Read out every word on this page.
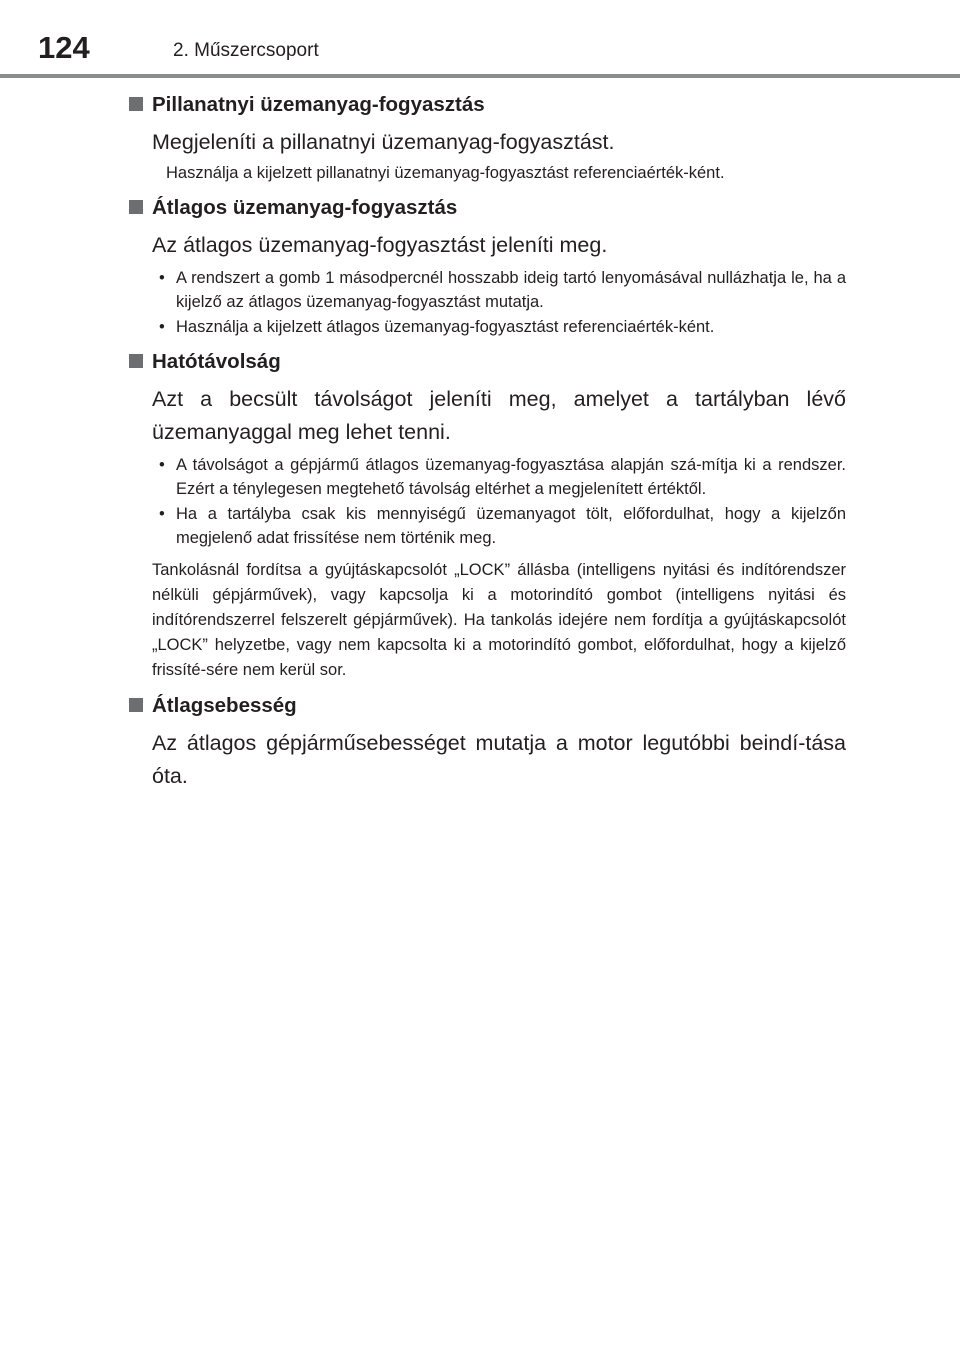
124	2. Műszercsoport
Pillanatnyi üzemanyag-fogyasztás
Megjeleníti a pillanatnyi üzemanyag-fogyasztást.
Használja a kijelzett pillanatnyi üzemanyag-fogyasztást referenciaérték-ként.
Átlagos üzemanyag-fogyasztás
Az átlagos üzemanyag-fogyasztást jeleníti meg.
• A rendszert a gomb 1 másodpercnél hosszabb ideig tartó lenyomásával nullázhatja le, ha a kijelző az átlagos üzemanyag-fogyasztást mutatja.
• Használja a kijelzett átlagos üzemanyag-fogyasztást referenciaérték-ként.
Hatótávolság
Azt a becsült távolságot jeleníti meg, amelyet a tartályban lévő üzemanyaggal meg lehet tenni.
• A távolságot a gépjármű átlagos üzemanyag-fogyasztása alapján szá-mítja ki a rendszer. Ezért a ténylegesen megtehető távolság eltérhet a megjelenített értéktől.
• Ha a tartályba csak kis mennyiségű üzemanyagot tölt, előfordulhat, hogy a kijelzőn megjelenő adat frissítése nem történik meg.
Tankolásnál fordítsa a gyújtáskapcsolót „LOCK” állásba (intelligens nyitási és indítórendszer nélküli gépjárművek), vagy kapcsolja ki a motorindító gombot (intelligens nyitási és indítórendszerrel felszerelt gépjárművek). Ha tankolás idejére nem fordítja a gyújtáskapcsolót „LOCK” helyzetbe, vagy nem kapcsolta ki a motorindító gombot, előfordulhat, hogy a kijelző frissíté-sére nem kerül sor.
Átlagsebesség
Az átlagos gépjárműsebességet mutatja a motor legutóbbi beindí-tása óta.
